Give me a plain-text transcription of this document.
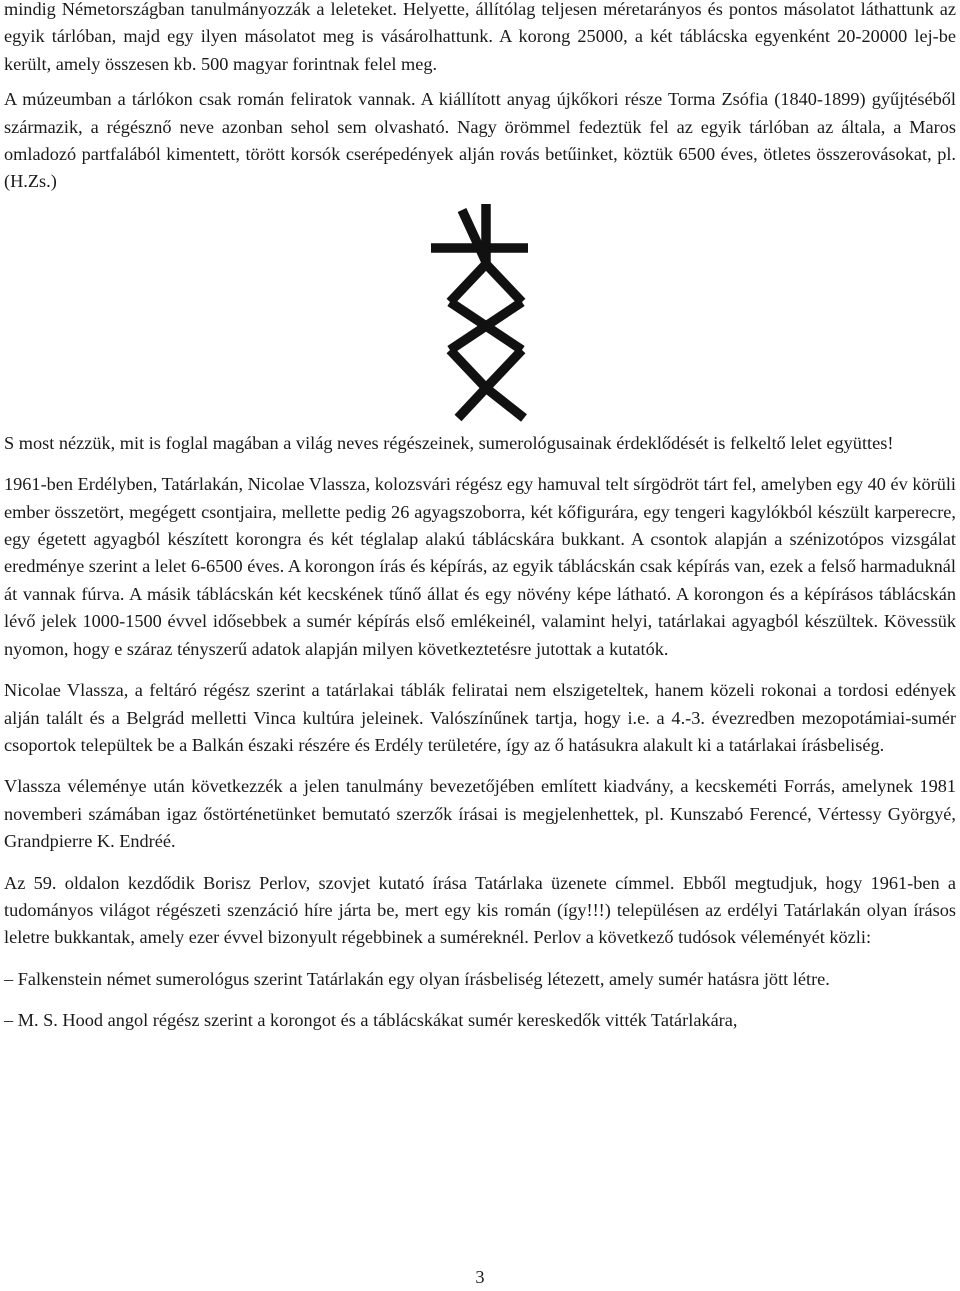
mindig Németországban tanulmányozzák a leleteket. Helyette, állítólag teljesen méretarányos és pontos másolatot láthattunk az egyik tárlóban, majd egy ilyen másolatot meg is vásárolhattunk. A korong 25000, a két táblácska egyenként 20-20000 lej-be került, amely összesen kb. 500 magyar forintnak felel meg.

A múzeumban a tárlókon csak román feliratok vannak. A kiállított anyag újkőkori része Torma Zsófia (1840-1899) gyűjtéséből származik, a régésznő neve azonban sehol sem olvasható. Nagy örömmel fedeztük fel az egyik tárlóban az általa, a Maros omladozó partfalából kimentett, törött korsók cserépedények alján rovás betűinket, köztük 6500 éves, ötletes összerovásokat, pl. (H.Zs.)

S most nézzük, mit is foglal magában a világ neves régészeinek, sumerológusainak érdeklődését is felkeltő lelet együttes!

1961-ben Erdélyben, Tatárlakán, Nicolae Vlassza, kolozsvári régész egy hamuval telt sírgödröt tárt fel, amelyben egy 40 év körüli ember összetört, megégett csontjaira, mellette pedig 26 agyagszoborra, két kőfigurára, egy tengeri kagylókból készült karperecre, egy égetett agyagból készített korongra és két téglalap alakú táblácskára bukkant. A csontok alapján a szénizotópos vizsgálat eredménye szerint a lelet 6-6500 éves. A korongon írás és képírás, az egyik táblácskán csak képírás van, ezek a felső harmaduknál át vannak fúrva. A másik táblácskán két kecskének tűnő állat és egy növény képe látható. A korongon és a képírásos táblácskán lévő jelek 1000-1500 évvel idősebbek a sumér képírás első emlékeinél, valamint helyi, tatárlakai agyagból készültek. Kövessük nyomon, hogy e száraz tényszerű adatok alapján milyen következtetésre jutottak a kutatók.

Nicolae Vlassza, a feltáró régész szerint a tatárlakai táblák feliratai nem elszigeteltek, hanem közeli rokonai a tordosi edények alján talált és a Belgrád melletti Vinca kultúra jeleinek. Valószínűnek tartja, hogy i.e. a 4.-3. évezredben mezopotámiai-sumér csoportok települtek be a Balkán északi részére és Erdély területére, így az ő hatásukra alakult ki a tatárlakai írásbeliség.

Vlassza véleménye után következzék a jelen tanulmány bevezetőjében említett kiadvány, a kecskeméti Forrás, amelynek 1981 novemberi számában igaz őstörténetünket bemutató szerzők írásai is megjelenhettek, pl. Kunszabó Ferencé, Vértessy Györgyé, Grandpierre K. Endréé.

Az 59. oldalon kezdődik Borisz Perlov, szovjet kutató írása Tatárlaka üzenete címmel. Ebből megtudjuk, hogy 1961-ben a tudományos világot régészeti szenzáció híre járta be, mert egy kis román (így!!!) településen az erdélyi Tatárlakán olyan írásos leletre bukkantak, amely ezer évvel bizonyult régebbinek a suméreknél. Perlov a következő tudósok véleményét közli:

– Falkenstein német sumerológus szerint Tatárlakán egy olyan írásbeliség létezett, amely sumér hatásra jött létre.

– M. S. Hood angol régész szerint a korongot és a táblácskákat sumér kereskedők vitték Tatárlakára,

3
